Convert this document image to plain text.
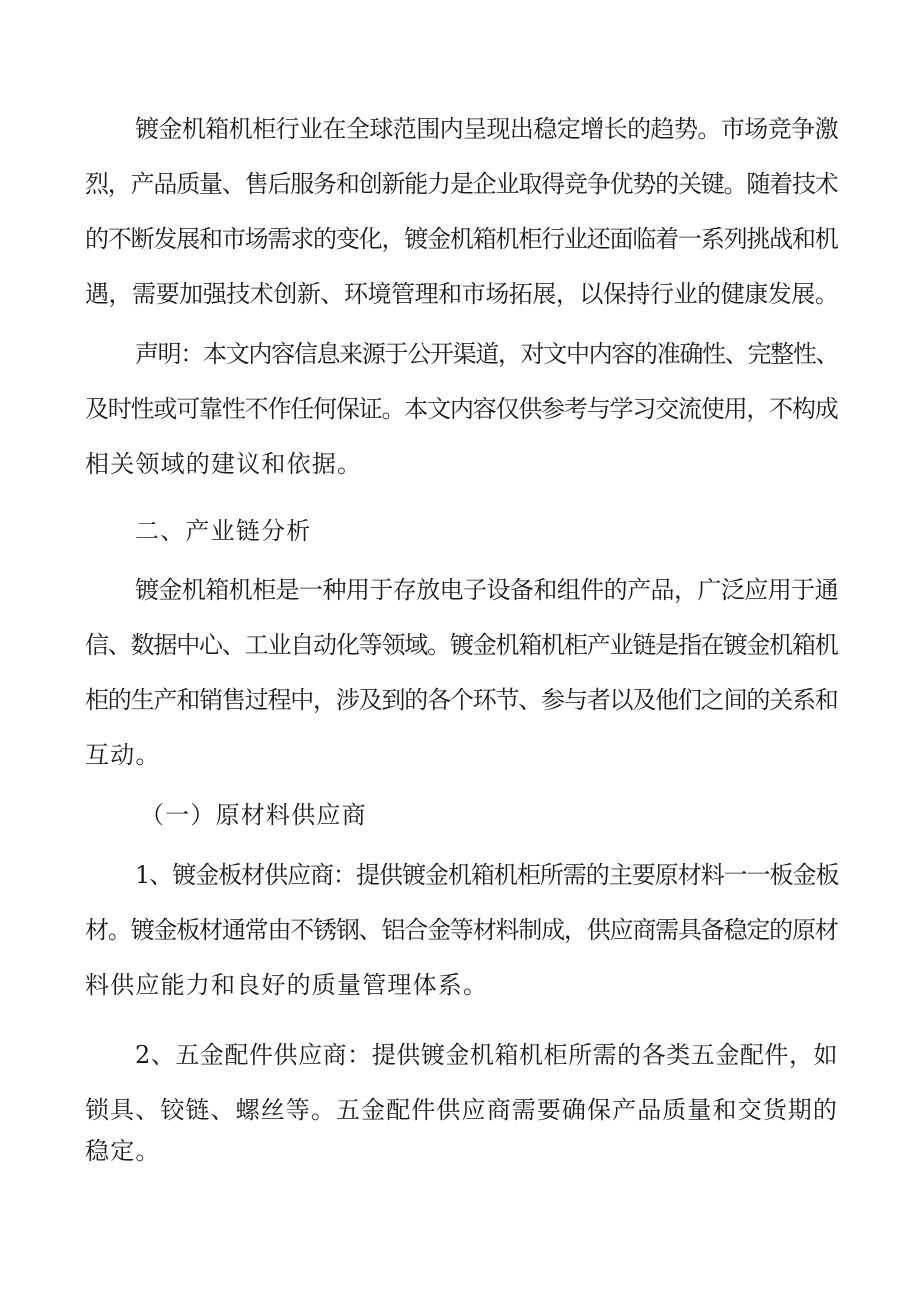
镀金机箱机柜行业在全球范围内呈现出稳定增长的趋势。市场竞争激
烈，产品质量、售后服务和创新能力是企业取得竞争优势的关键。随着技术
的不断发展和市场需求的变化，镀金机箱机柜行业还面临着一系列挑战和机
遇，需要加强技术创新、环境管理和市场拓展，以保持行业的健康发展。
声明：本文内容信息来源于公开渠道，对文中内容的准确性、完整性、
及时性或可靠性不作任何保证。本文内容仅供参考与学习交流使用，不构成
相关领域的建议和依据。
二、产业链分析
镀金机箱机柜是一种用于存放电子设备和组件的产品，广泛应用于通
信、数据中心、工业自动化等领域。镀金机箱机柜产业链是指在镀金机箱机
柜的生产和销售过程中，涉及到的各个环节、参与者以及他们之间的关系和
互动。
（一）原材料供应商
1、镀金板材供应商：提供镀金机箱机柜所需的主要原材料一一板金板
材。镀金板材通常由不锈钢、铝合金等材料制成，供应商需具备稳定的原材
料供应能力和良好的质量管理体系。
2、五金配件供应商：提供镀金机箱机柜所需的各类五金配件，如
锁具、铰链、螺丝等。五金配件供应商需要确保产品质量和交货期的
稳定。
